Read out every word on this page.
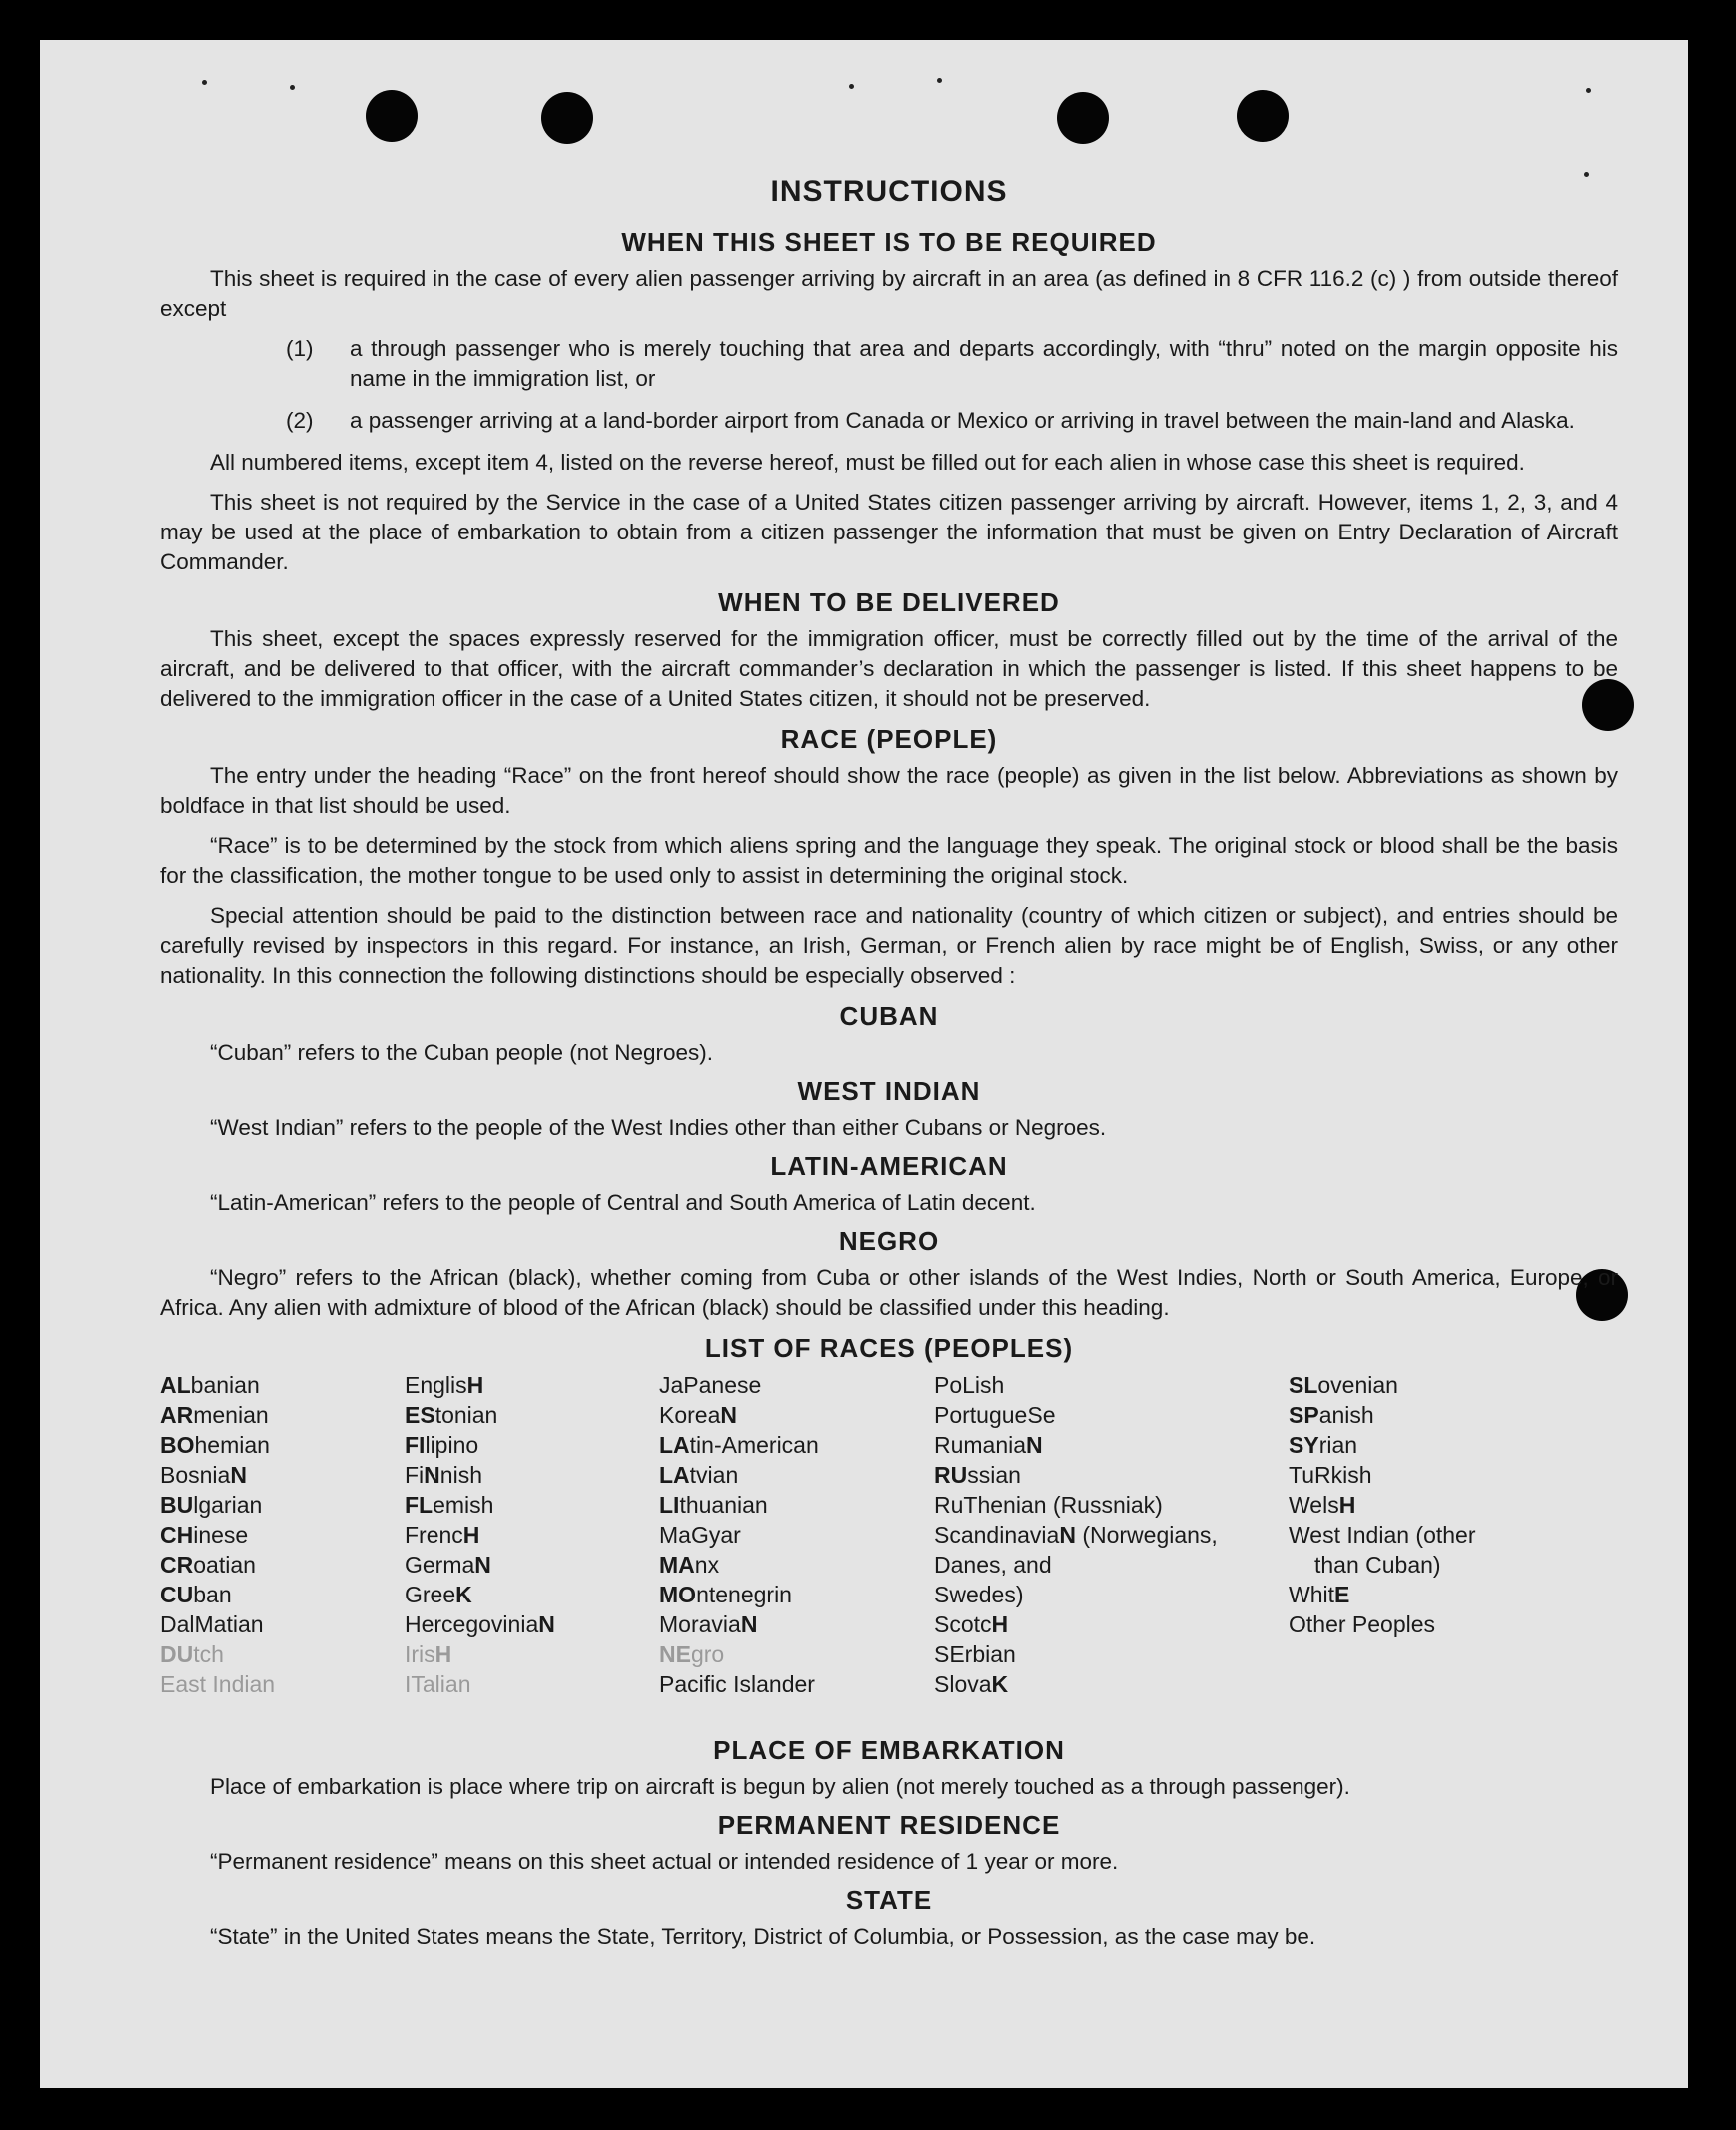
INSTRUCTIONS
WHEN THIS SHEET IS TO BE REQUIRED

This sheet is required in the case of every alien passenger arriving by aircraft in an area (as defined in 8 CFR 116.2 (c) ) from outside thereof except

(1)	a through passenger who is merely touching that area and departs accordingly, with “thru” noted on the margin opposite his name in the immigration list, or
(2)	a passenger arriving at a land-border airport from Canada or Mexico or arriving in travel between the main-land and Alaska.

All numbered items, except item 4, listed on the reverse hereof, must be filled out for each alien in whose case this sheet is required.

This sheet is not required by the Service in the case of a United States citizen passenger arriving by aircraft. However, items 1, 2, 3, and 4 may be used at the place of embarkation to obtain from a citizen passenger the information that must be given on Entry Declaration of Aircraft Commander.

WHEN TO BE DELIVERED

This sheet, except the spaces expressly reserved for the immigration officer, must be correctly filled out by the time of the arrival of the aircraft, and be delivered to that officer, with the aircraft commander’s declaration in which the passenger is listed. If this sheet happens to be delivered to the immigration officer in the case of a United States citizen, it should not be preserved.

RACE (PEOPLE)

The entry under the heading “Race” on the front hereof should show the race (people) as given in the list below. Abbreviations as shown by boldface in that list should be used.

“Race” is to be determined by the stock from which aliens spring and the language they speak. The original stock or blood shall be the basis for the classification, the mother tongue to be used only to assist in determining the original stock.

Special attention should be paid to the distinction between race and nationality (country of which citizen or subject), and entries should be carefully revised by inspectors in this regard. For instance, an Irish, German, or French alien by race might be of English, Swiss, or any other nationality. In this connection the following distinctions should be especially observed :

CUBAN
“Cuban” refers to the Cuban people (not Negroes).
WEST INDIAN
“West Indian” refers to the people of the West Indies other than either Cubans or Negroes.
LATIN-AMERICAN
“Latin-American” refers to the people of Central and South America of Latin decent.
NEGRO

“Negro” refers to the African (black), whether coming from Cuba or other islands of the West Indies, North or South America, Europe, or Africa. Any alien with admixture of blood of the African (black) should be classified under this heading.

LIST OF RACES (PEOPLES)
ALbanian
ARmenian
BOhemian
BosniaN
BUlgarian
CHinese
CRoatian
CUban
DalMatian
DUtch
East Indian
EnglisH
EStonian
FIlipino
FiNnish
FLemish
FrencH
GermaN
GreeK
HercegoviniaN
IrisH
ITalian
JaPanese
KoreaN
LAtin-American
LAtvian
LIthuanian
MaGyar
MAnx
MOntenegrin
MoraviaN
NEgro
Pacific Islander
PoLish
PortugueSe
RumaniaN
RUssian
RuThenian (Russniak)
ScandinaviaN (Norwegians,
Danes, and
Swedes)
ScotcH
SErbian
SlovaK
SLovenian
SPanish
SYrian
TuRkish
WelsH
West Indian (other
than Cuban)
WhitE
Other Peoples
PLACE OF EMBARKATION
Place of embarkation is place where trip on aircraft is begun by alien (not merely touched as a through passenger).
PERMANENT RESIDENCE
“Permanent residence” means on this sheet actual or intended residence of 1 year or more.
STATE
“State” in the United States means the State, Territory, District of Columbia, or Possession, as the case may be.
